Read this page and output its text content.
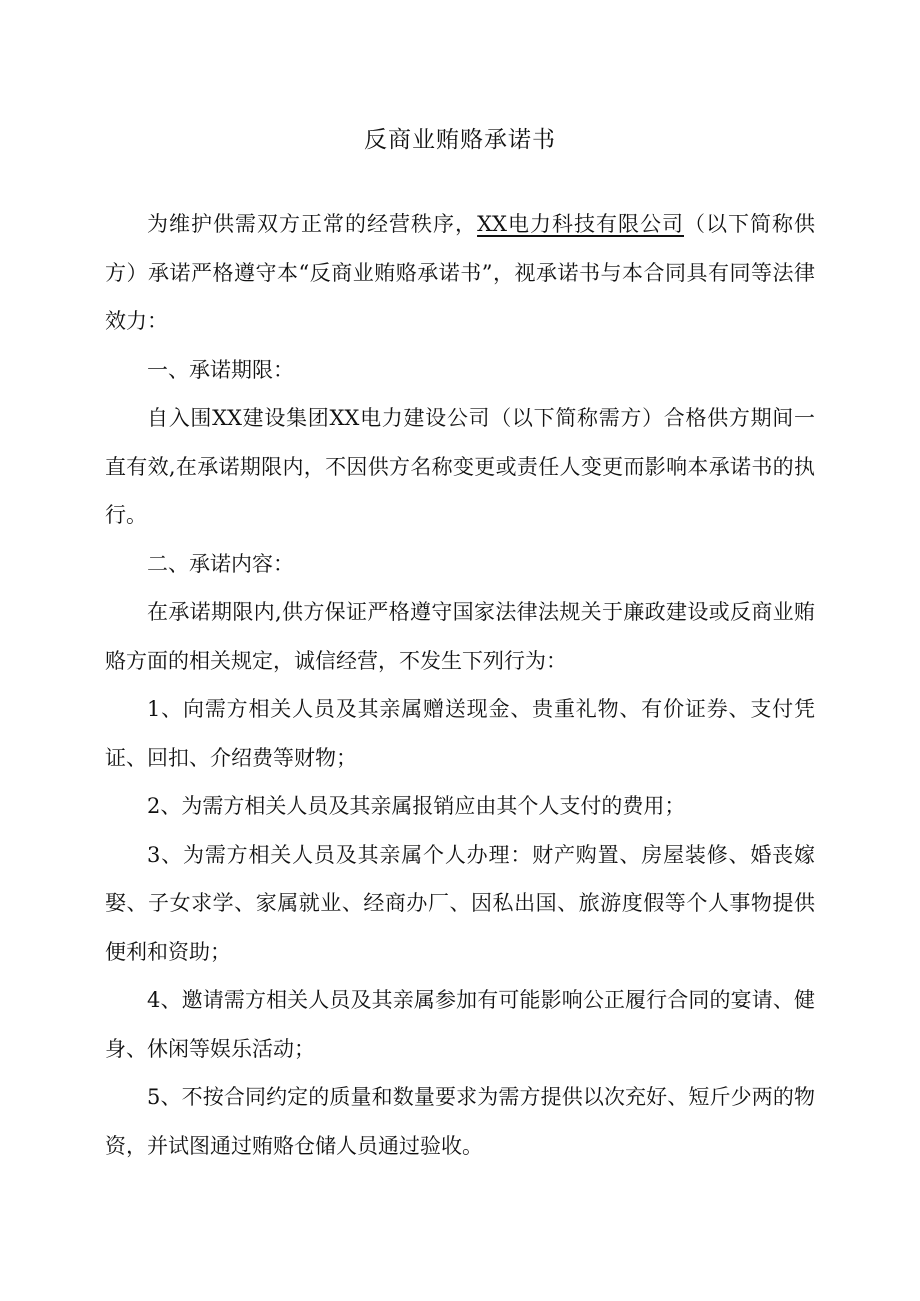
反商业贿赂承诺书

为维护供需双方正常的经营秩序，XX电力科技有限公司（以下简称供方）承诺严格遵守本“反商业贿赂承诺书”，视承诺书与本合同具有同等法律效力：

一、承诺期限：

自入围XX建设集团XX电力建设公司（以下简称需方）合格供方期间一直有效,在承诺期限内，不因供方名称变更或责任人变更而影响本承诺书的执行。

二、承诺内容：

在承诺期限内,供方保证严格遵守国家法律法规关于廉政建设或反商业贿赂方面的相关规定，诚信经营，不发生下列行为：

1、向需方相关人员及其亲属赠送现金、贵重礼物、有价证券、支付凭证、回扣、介绍费等财物；

2、为需方相关人员及其亲属报销应由其个人支付的费用；

3、为需方相关人员及其亲属个人办理：财产购置、房屋装修、婚丧嫁娶、子女求学、家属就业、经商办厂、因私出国、旅游度假等个人事物提供便利和资助；

4、邀请需方相关人员及其亲属参加有可能影响公正履行合同的宴请、健身、休闲等娱乐活动；

5、不按合同约定的质量和数量要求为需方提供以次充好、短斤少两的物资，并试图通过贿赂仓储人员通过验收。
